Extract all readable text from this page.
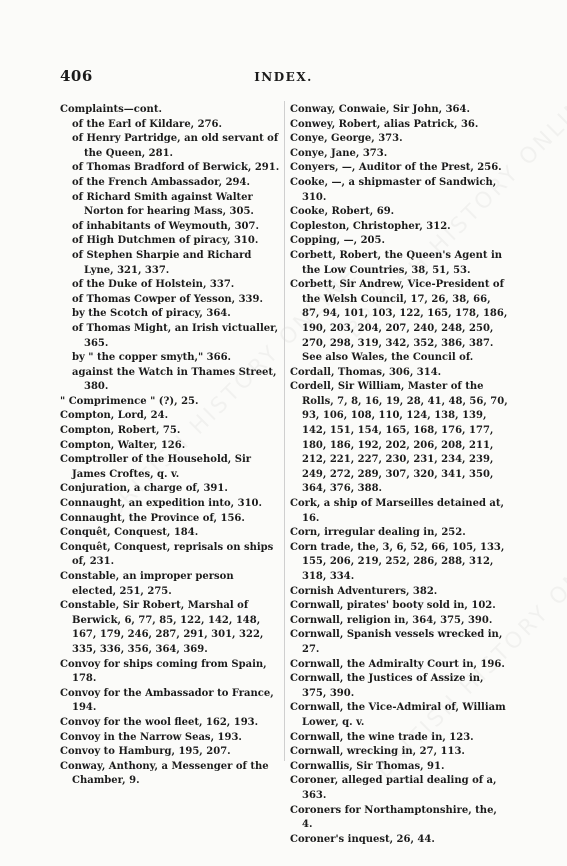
406	INDEX.

Complaints—cont.

of the Earl of Kildare, 276.

of Henry Partridge, an old servant of the Queen, 281.

of Thomas Bradford of Berwick, 291.

of the French Ambassador, 294.

of Richard Smith against Walter Norton for hearing Mass, 305.

of inhabitants of Weymouth, 307.

of High Dutchmen of piracy, 310.

of Stephen Sharpie and Richard Lyne, 321, 337.

of the Duke of Holstein, 337.

of Thomas Cowper of Yesson, 339.

by the Scotch of piracy, 364.

of Thomas Might, an Irish victualler, 365.

by " the copper smyth," 366.

against the Watch in Thames Street, 380.

" Comprimence " (?), 25.

Compton, Lord, 24.

Compton, Robert, 75.

Compton, Walter, 126.

Comptroller of the Household, Sir James Croftes, q. v.

Conjuration, a charge of, 391.

Connaught, an expedition into, 310.

Connaught, the Province of, 156.

Conquêt, Conquest, 184.

Conquêt, Conquest, reprisals on ships of, 231.

Constable, an improper person elected, 251, 275.

Constable, Sir Robert, Marshal of Berwick, 6, 77, 85, 122, 142, 148, 167, 179, 246, 287, 291, 301, 322, 335, 336, 356, 364, 369.

Convoy for ships coming from Spain, 178.

Convoy for the Ambassador to France, 194.

Convoy for the wool fleet, 162, 193.

Convoy in the Narrow Seas, 193.

Convoy to Hamburg, 195, 207.

Conway, Anthony, a Messenger of the Chamber, 9.

Conway, Conwaie, Sir John, 364.

Conwey, Robert, alias Patrick, 36.

Conye, George, 373.

Conye, Jane, 373.

Conyers, —, Auditor of the Prest, 256.

Cooke, —, a shipmaster of Sandwich, 310.

Cooke, Robert, 69.

Copleston, Christopher, 312.

Copping, —, 205.

Corbett, Robert, the Queen's Agent in the Low Countries, 38, 51, 53.

Corbett, Sir Andrew, Vice-President of the Welsh Council, 17, 26, 38, 66, 87, 94, 101, 103, 122, 165, 178, 186, 190, 203, 204, 207, 240, 248, 250, 270, 298, 319, 342, 352, 386, 387. See also Wales, the Council of.

Cordall, Thomas, 306, 314.

Cordell, Sir William, Master of the Rolls, 7, 8, 16, 19, 28, 41, 48, 56, 70, 93, 106, 108, 110, 124, 138, 139, 142, 151, 154, 165, 168, 176, 177, 180, 186, 192, 202, 206, 208, 211, 212, 221, 227, 230, 231, 234, 239, 249, 272, 289, 307, 320, 341, 350, 364, 376, 388.

Cork, a ship of Marseilles detained at, 16.

Corn, irregular dealing in, 252.

Corn trade, the, 3, 6, 52, 66, 105, 133, 155, 206, 219, 252, 286, 288, 312, 318, 334.

Cornish Adventurers, 382.

Cornwall, pirates' booty sold in, 102.

Cornwall, religion in, 364, 375, 390.

Cornwall, Spanish vessels wrecked in, 27.

Cornwall, the Admiralty Court in, 196.

Cornwall, the Justices of Assize in, 375, 390.

Cornwall, the Vice-Admiral of, William Lower, q. v.

Cornwall, the wine trade in, 123.

Cornwall, wrecking in, 27, 113.

Cornwallis, Sir Thomas, 91.

Coroner, alleged partial dealing of a, 363.

Coroners for Northamptonshire, the, 4.

Coroner's inquest, 26, 44.
